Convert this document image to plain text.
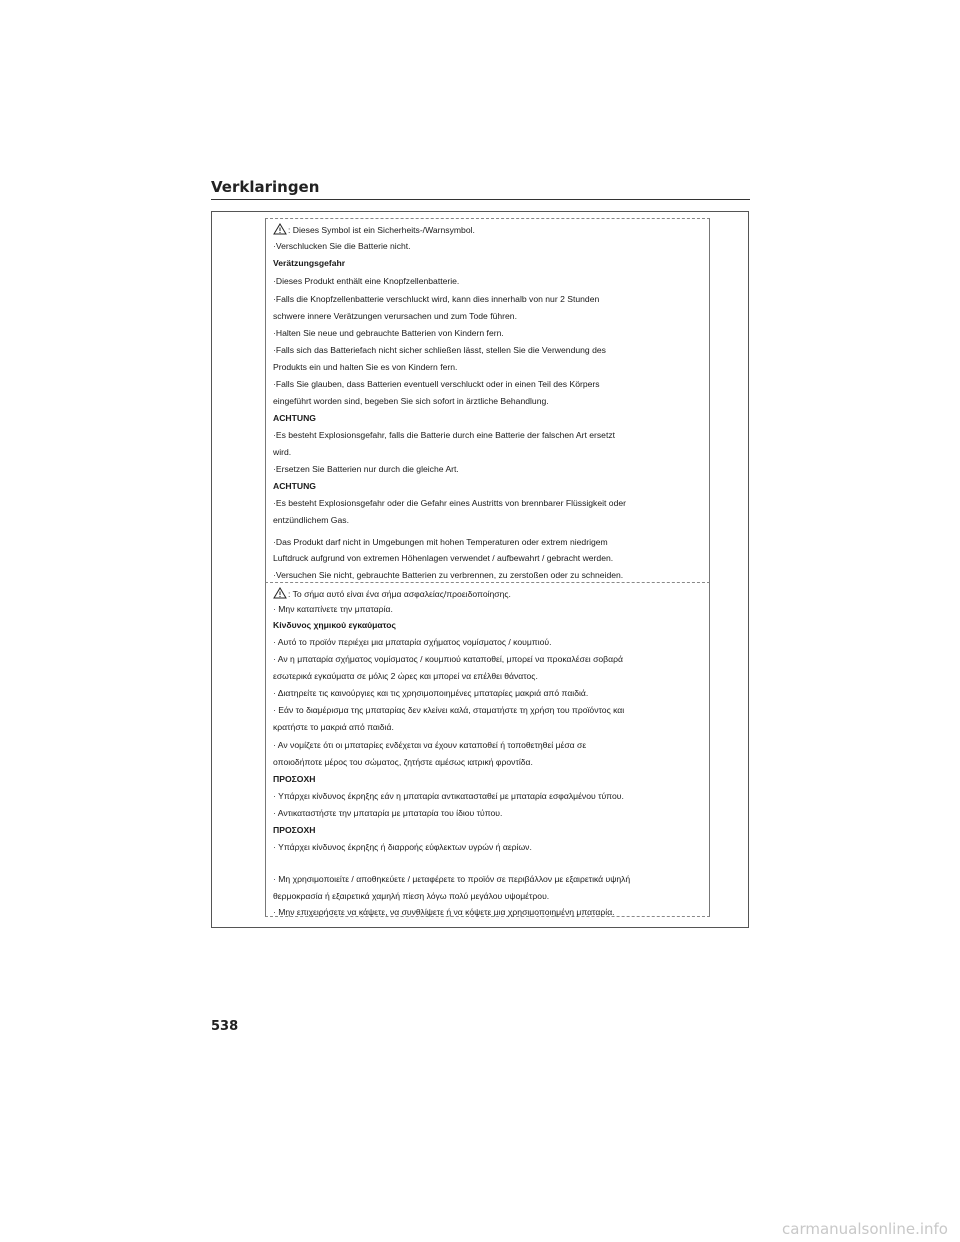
Verklaringen
: Dieses Symbol ist ein Sicherheits-/Warnsymbol.
·Verschlucken Sie die Batterie nicht.
Verätzungsgefahr
·Dieses Produkt enthält eine Knopfzellenbatterie.
·Falls die Knopfzellenbatterie verschluckt wird, kann dies innerhalb von nur 2 Stunden
schwere innere Verätzungen verursachen und zum Tode führen.
·Halten Sie neue und gebrauchte Batterien von Kindern fern.
·Falls sich das Batteriefach nicht sicher schließen lässt, stellen Sie die Verwendung des
Produkts ein und halten Sie es von Kindern fern.
·Falls Sie glauben, dass Batterien eventuell verschluckt oder in einen Teil des Körpers
eingeführt worden sind, begeben Sie sich sofort in ärztliche Behandlung.
ACHTUNG
·Es besteht Explosionsgefahr, falls die Batterie durch eine Batterie der falschen Art ersetzt
wird.
·Ersetzen Sie Batterien nur durch die gleiche Art.
ACHTUNG
·Es besteht Explosionsgefahr oder die Gefahr eines Austritts von brennbarer Flüssigkeit oder
entzündlichem Gas.
·Das Produkt darf nicht in Umgebungen mit hohen Temperaturen oder extrem niedrigem
Luftdruck aufgrund von extremen Höhenlagen verwendet / aufbewahrt / gebracht werden.
·Versuchen Sie nicht, gebrauchte Batterien zu verbrennen, zu zerstoßen oder zu schneiden.
: Το σήμα αυτό είναι ένα σήμα ασφαλείας/προειδοποίησης.
· Μην καταπίνετε την μπαταρία.
Κίνδυνος χημικού εγκαύματος
· Αυτό το προϊόν περιέχει μια μπαταρία σχήματος νομίσματος / κουμπιού.
· Αν η μπαταρία σχήματος νομίσματος / κουμπιού καταποθεί, μπορεί να προκαλέσει σοβαρά
εσωτερικά εγκαύματα σε μόλις 2 ώρες και μπορεί να επέλθει θάνατος.
· Διατηρείτε τις καινούργιες και τις χρησιμοποιημένες μπαταρίες μακριά από παιδιά.
· Εάν το διαμέρισμα της μπαταρίας δεν κλείνει καλά, σταματήστε τη χρήση του προϊόντος και
κρατήστε το μακριά από παιδιά.
· Αν νομίζετε ότι οι μπαταρίες ενδέχεται να έχουν καταποθεί ή τοποθετηθεί μέσα σε
οποιοδήποτε μέρος του σώματος, ζητήστε αμέσως ιατρική φροντίδα.
ΠΡΟΣΟΧΗ
· Υπάρχει κίνδυνος έκρηξης εάν η μπαταρία αντικατασταθεί με μπαταρία εσφαλμένου τύπου.
· Αντικαταστήστε την μπαταρία με μπαταρία του ίδιου τύπου.
ΠΡΟΣΟΧΗ
· Υπάρχει κίνδυνος έκρηξης ή διαρροής εύφλεκτων υγρών ή αερίων.
· Μη χρησιμοποιείτε / αποθηκεύετε / μεταφέρετε το προϊόν σε περιβάλλον με εξαιρετικά υψηλή
θερμοκρασία ή εξαιρετικά χαμηλή πίεση λόγω πολύ μεγάλου υψομέτρου.
· Μην επιχειρήσετε να κάψετε, να συνθλίψετε ή να κόψετε μια χρησιμοποιημένη μπαταρία.
538
carmanualsonline.info
